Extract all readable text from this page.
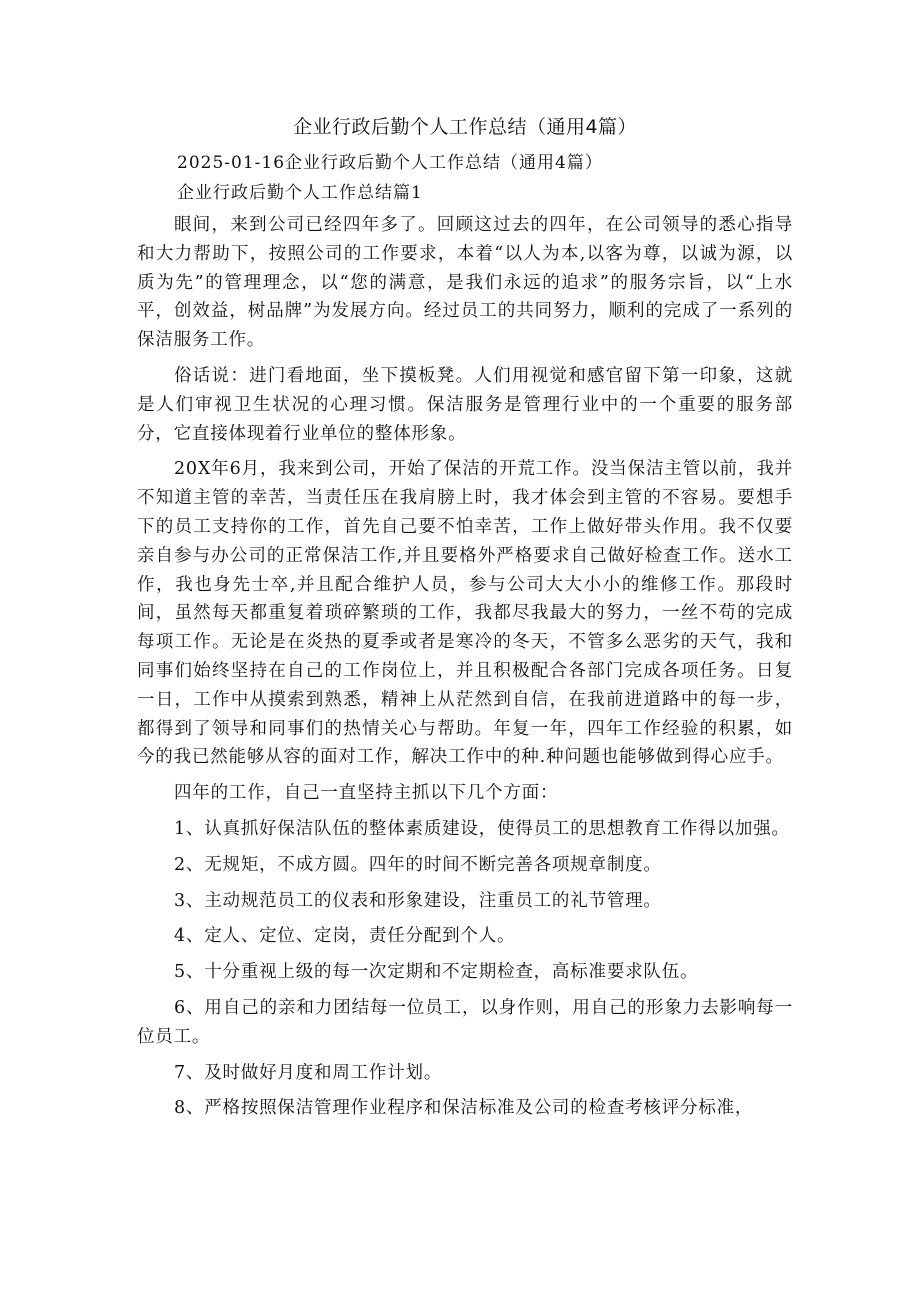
企业行政后勤个人工作总结（通用4篇）
2025-01-16企业行政后勤个人工作总结（通用4篇）
企业行政后勤个人工作总结篇1

眼间，来到公司已经四年多了。回顾这过去的四年，在公司领导的悉心指导和大力帮助下，按照公司的工作要求，本着“以人为本,以客为尊，以诚为源，以质为先”的管理理念，以“您的满意，是我们永远的追求”的服务宗旨，以“上水平，创效益，树品牌”为发展方向。经过员工的共同努力，顺利的完成了一系列的保洁服务工作。

俗话说：进门看地面，坐下摸板凳。人们用视觉和感官留下第一印象，这就是人们审视卫生状况的心理习惯。保洁服务是管理行业中的一个重要的服务部分，它直接体现着行业单位的整体形象。

20X年6月，我来到公司，开始了保洁的开荒工作。没当保洁主管以前，我并不知道主管的幸苦，当责任压在我肩膀上时，我才体会到主管的不容易。要想手下的员工支持你的工作，首先自己要不怕幸苦，工作上做好带头作用。我不仅要亲自参与办公司的正常保洁工作,并且要格外严格要求自己做好检查工作。送水工作，我也身先士卒,并且配合维护人员，参与公司大大小小的维修工作。那段时间，虽然每天都重复着琐碎繁琐的工作，我都尽我最大的努力，一丝不苟的完成每项工作。无论是在炎热的夏季或者是寒冷的冬天，不管多么恶劣的天气，我和同事们始终坚持在自己的工作岗位上，并且积极配合各部门完成各项任务。日复一日，工作中从摸索到熟悉，精神上从茫然到自信，在我前进道路中的每一步，都得到了领导和同事们的热情关心与帮助。年复一年，四年工作经验的积累，如今的我已然能够从容的面对工作，解决工作中的种.种问题也能够做到得心应手。

四年的工作，自己一直坚持主抓以下几个方面：

1、认真抓好保洁队伍的整体素质建设，使得员工的思想教育工作得以加强。

2、无规矩，不成方圆。四年的时间不断完善各项规章制度。

3、主动规范员工的仪表和形象建设，注重员工的礼节管理。

4、定人、定位、定岗，责任分配到个人。

5、十分重视上级的每一次定期和不定期检查，高标准要求队伍。

6、用自己的亲和力团结每一位员工，以身作则，用自己的形象力去影响每一位员工。

7、及时做好月度和周工作计划。

8、严格按照保洁管理作业程序和保洁标准及公司的检查考核评分标准，
